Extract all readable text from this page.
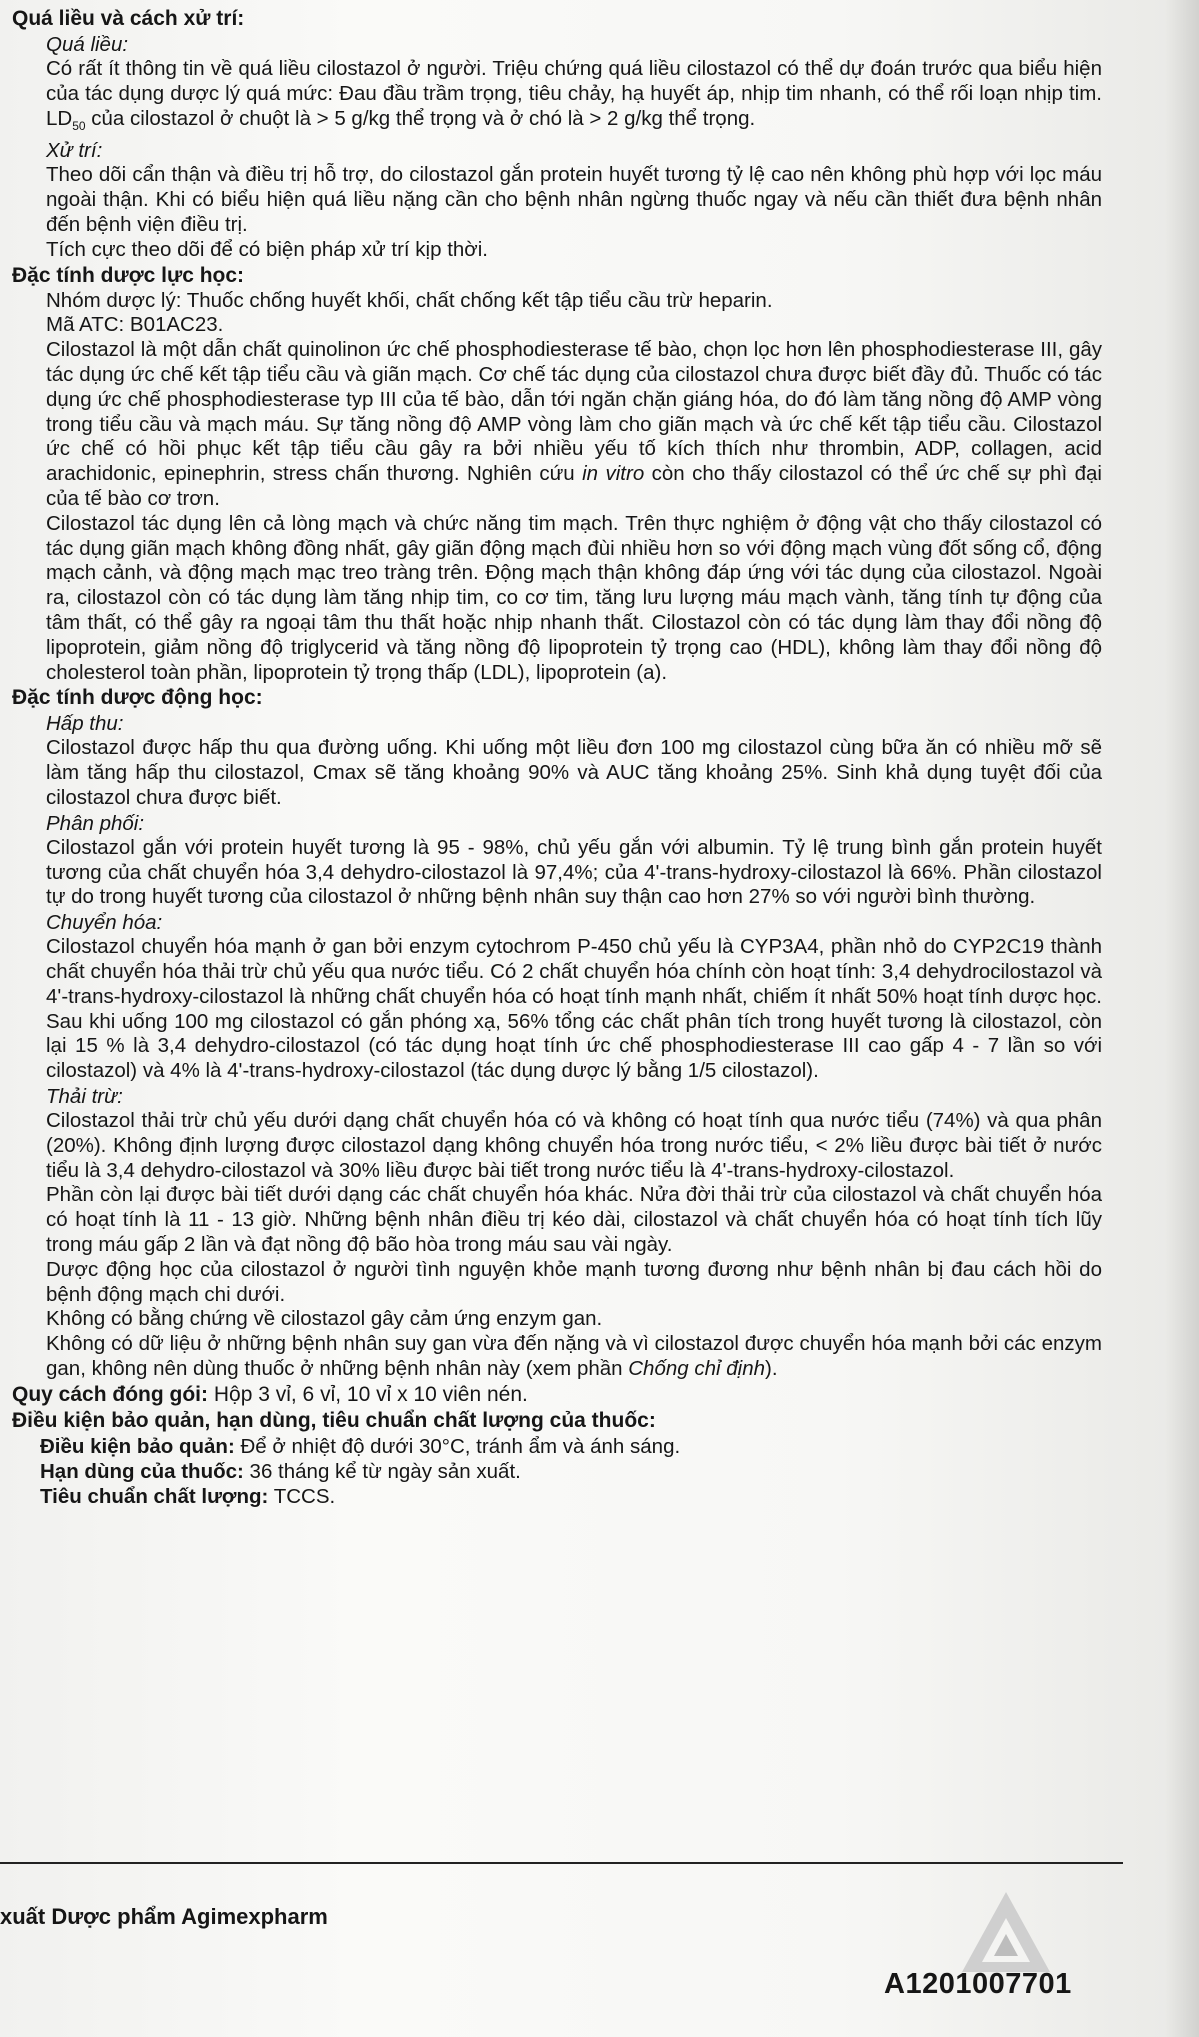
Quá liều và cách xử trí:

Quá liều:

Có rất ít thông tin về quá liều cilostazol ở người. Triệu chứng quá liều cilostazol có thể dự đoán trước qua biểu hiện của tác dụng dược lý quá mức: Đau đầu trầm trọng, tiêu chảy, hạ huyết áp, nhịp tim nhanh, có thể rối loạn nhịp tim. $LD_{50}$ của cilostazol ở chuột là > 5 g/kg thể trọng và ở chó là > 2 g/kg thể trọng.

Xử trí:

Theo dõi cẩn thận và điều trị hỗ trợ, do cilostazol gắn protein huyết tương tỷ lệ cao nên không phù hợp với lọc máu ngoài thận. Khi có biểu hiện quá liều nặng cần cho bệnh nhân ngừng thuốc ngay và nếu cần thiết đưa bệnh nhân đến bệnh viện điều trị.

Tích cực theo dõi để có biện pháp xử trí kịp thời.

Đặc tính dược lực học:

Nhóm dược lý: Thuốc chống huyết khối, chất chống kết tập tiểu cầu trừ heparin.

Mã ATC: B01AC23.

Cilostazol là một dẫn chất quinolinon ức chế phosphodiesterase tế bào, chọn lọc hơn lên phosphodiesterase III, gây tác dụng ức chế kết tập tiểu cầu và giãn mạch. Cơ chế tác dụng của cilostazol chưa được biết đầy đủ. Thuốc có tác dụng ức chế phosphodiesterase typ III của tế bào, dẫn tới ngăn chặn giáng hóa, do đó làm tăng nồng độ AMP vòng trong tiểu cầu và mạch máu. Sự tăng nồng độ AMP vòng làm cho giãn mạch và ức chế kết tập tiểu cầu. Cilostazol ức chế có hồi phục kết tập tiểu cầu gây ra bởi nhiều yếu tố kích thích như thrombin, ADP, collagen, acid arachidonic, epinephrin, stress chấn thương. Nghiên cứu in vitro còn cho thấy cilostazol có thể ức chế sự phì đại của tế bào cơ trơn.

Cilostazol tác dụng lên cả lòng mạch và chức năng tim mạch. Trên thực nghiệm ở động vật cho thấy cilostazol có tác dụng giãn mạch không đồng nhất, gây giãn động mạch đùi nhiều hơn so với động mạch vùng đốt sống cổ, động mạch cảnh, và động mạch mạc treo tràng trên. Động mạch thận không đáp ứng với tác dụng của cilostazol. Ngoài ra, cilostazol còn có tác dụng làm tăng nhịp tim, co cơ tim, tăng lưu lượng máu mạch vành, tăng tính tự động của tâm thất, có thể gây ra ngoại tâm thu thất hoặc nhịp nhanh thất. Cilostazol còn có tác dụng làm thay đổi nồng độ lipoprotein, giảm nồng độ triglycerid và tăng nồng độ lipoprotein tỷ trọng cao (HDL), không làm thay đổi nồng độ cholesterol toàn phần, lipoprotein tỷ trọng thấp (LDL), lipoprotein (a).

Đặc tính dược động học:

Hấp thu:

Cilostazol được hấp thu qua đường uống. Khi uống một liều đơn 100 mg cilostazol cùng bữa ăn có nhiều mỡ sẽ làm tăng hấp thu cilostazol, Cmax sẽ tăng khoảng 90% và AUC tăng khoảng 25%. Sinh khả dụng tuyệt đối của cilostazol chưa được biết.

Phân phối:

Cilostazol gắn với protein huyết tương là 95 - 98%, chủ yếu gắn với albumin. Tỷ lệ trung bình gắn protein huyết tương của chất chuyển hóa 3,4 dehydro-cilostazol là 97,4%; của 4'-trans-hydroxy-cilostazol là 66%. Phần cilostazol tự do trong huyết tương của cilostazol ở những bệnh nhân suy thận cao hơn 27% so với người bình thường.

Chuyển hóa:

Cilostazol chuyển hóa mạnh ở gan bởi enzym cytochrom P-450 chủ yếu là CYP3A4, phần nhỏ do CYP2C19 thành chất chuyển hóa thải trừ chủ yếu qua nước tiểu. Có 2 chất chuyển hóa chính còn hoạt tính: 3,4 dehydrocilostazol và 4'-trans-hydroxy-cilostazol là những chất chuyển hóa có hoạt tính mạnh nhất, chiếm ít nhất 50% hoạt tính dược học. Sau khi uống 100 mg cilostazol có gắn phóng xạ, 56% tổng các chất phân tích trong huyết tương là cilostazol, còn lại 15 % là 3,4 dehydro-cilostazol (có tác dụng hoạt tính ức chế phosphodiesterase III cao gấp 4 - 7 lần so với cilostazol) và 4% là 4'-trans-hydroxy-cilostazol (tác dụng dược lý bằng 1/5 cilostazol).

Thải trừ:

Cilostazol thải trừ chủ yếu dưới dạng chất chuyển hóa có và không có hoạt tính qua nước tiểu (74%) và qua phân (20%). Không định lượng được cilostazol dạng không chuyển hóa trong nước tiểu, < 2% liều được bài tiết ở nước tiểu là 3,4 dehydro-cilostazol và 30% liều được bài tiết trong nước tiểu là 4'-trans-hydroxy-cilostazol.

Phần còn lại được bài tiết dưới dạng các chất chuyển hóa khác. Nửa đời thải trừ của cilostazol và chất chuyển hóa có hoạt tính là 11 - 13 giờ. Những bệnh nhân điều trị kéo dài, cilostazol và chất chuyển hóa có hoạt tính tích lũy trong máu gấp 2 lần và đạt nồng độ bão hòa trong máu sau vài ngày.

Dược động học của cilostazol ở người tình nguyện khỏe mạnh tương đương như bệnh nhân bị đau cách hồi do bệnh động mạch chi dưới.

Không có bằng chứng về cilostazol gây cảm ứng enzym gan.

Không có dữ liệu ở những bệnh nhân suy gan vừa đến nặng và vì cilostazol được chuyển hóa mạnh bởi các enzym gan, không nên dùng thuốc ở những bệnh nhân này (xem phần Chống chỉ định).

Quy cách đóng gói: Hộp 3 vỉ, 6 vỉ, 10 vỉ x 10 viên nén.

Điều kiện bảo quản, hạn dùng, tiêu chuẩn chất lượng của thuốc:

Điều kiện bảo quản: Để ở nhiệt độ dưới 30°C, tránh ẩm và ánh sáng.

Hạn dùng của thuốc: 36 tháng kể từ ngày sản xuất.

Tiêu chuẩn chất lượng: TCCS.

xuất Dược phẩm Agimexpharm
A1201007701
